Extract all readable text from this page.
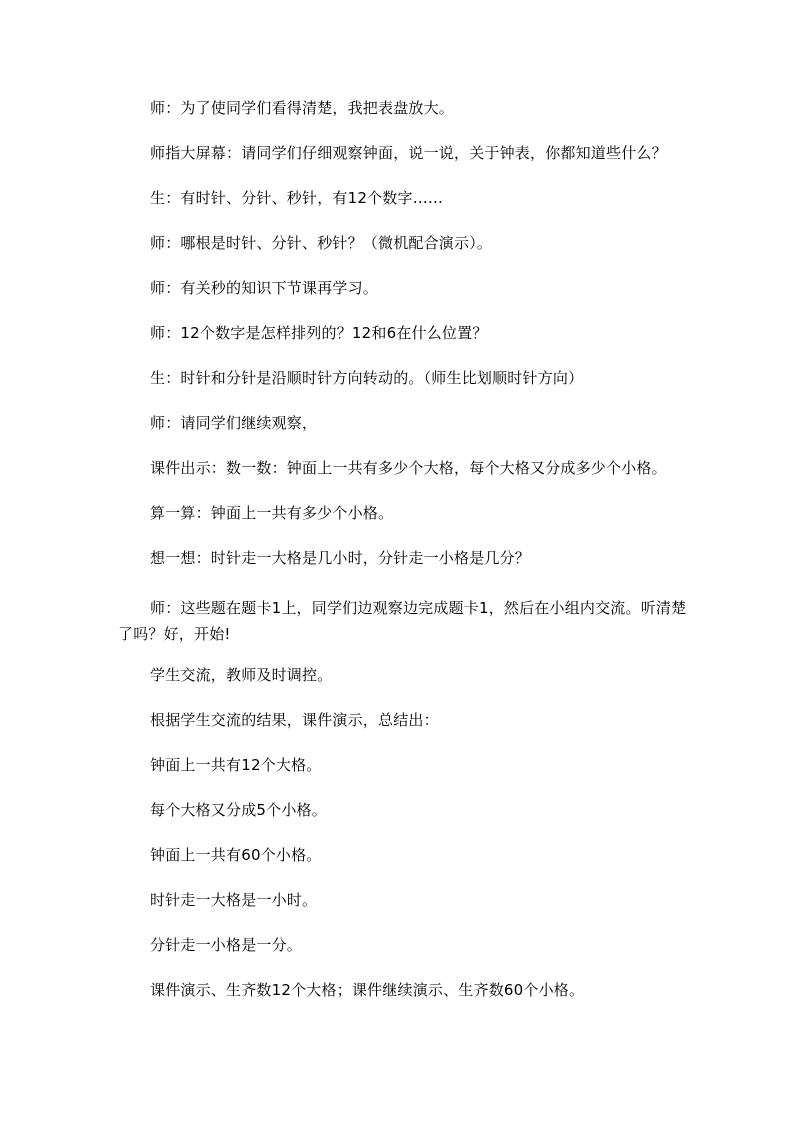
师：为了使同学们看得清楚，我把表盘放大。

师指大屏幕：请同学们仔细观察钟面，说一说，关于钟表，你都知道些什么？

生：有时针、分针、秒针，有12个数字……

师：哪根是时针、分针、秒针？（微机配合演示）。

师：有关秒的知识下节课再学习。

师：12个数字是怎样排列的？12和6在什么位置？

生：时针和分针是沿顺时针方向转动的。（师生比划顺时针方向）

师：请同学们继续观察，

课件出示：数一数：钟面上一共有多少个大格，每个大格又分成多少个小格。

算一算：钟面上一共有多少个小格。

想一想：时针走一大格是几小时，分针走一小格是几分？

师：这些题在题卡1上，同学们边观察边完成题卡1，然后在小组内交流。听清楚了吗？好，开始!

学生交流，教师及时调控。

根据学生交流的结果，课件演示，总结出：

钟面上一共有12个大格。

每个大格又分成5个小格。

钟面上一共有60个小格。

时针走一大格是一小时。

分针走一小格是一分。

课件演示、生齐数12个大格；课件继续演示、生齐数60个小格。
